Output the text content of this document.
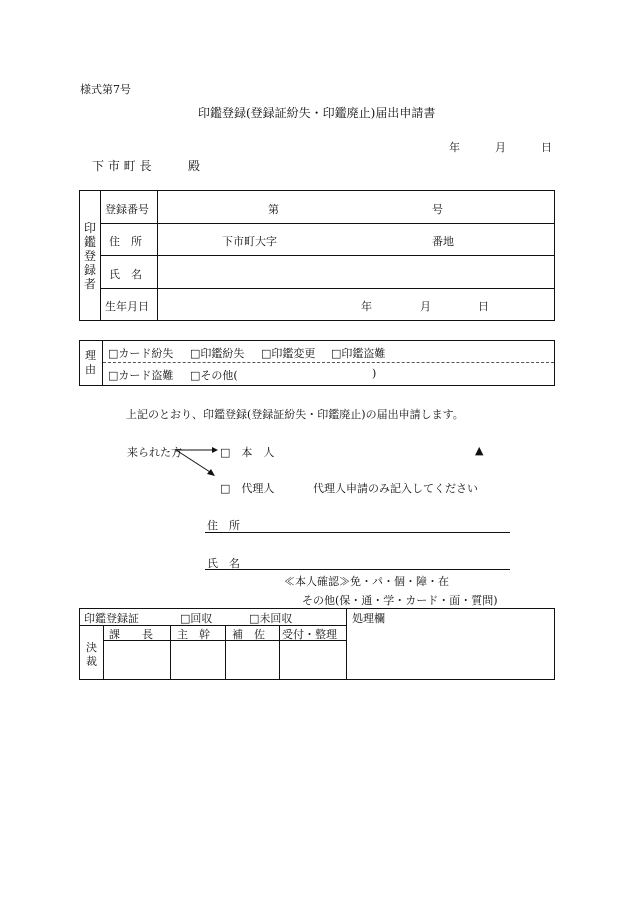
様式第7号
印鑑登録(登録証紛失・印鑑廃止)届出申請書
年	月	日
下 市 町 長	殿
印鑑登録者
登録番号	第	号
住　所	下市町大字	番地
氏　名
生年月日	年	月	日
理由
□カード紛失 □印鑑紛失 □印鑑変更 □印鑑盗難
□カード盗難 □その他(	)
上記のとおり、印鑑登録(登録証紛失・印鑑廃止)の届出申請します。
来られた方	□　本　人	▲
□　代理人	代理人申請のみ記入してください
住　所
氏　名
≪本人確認≫免・パ・個・障・在
その他(保・通・学・カード・面・質問)
印鑑登録証	□回収	□未回収	処理欄
決裁
課　　長 主　幹 補　佐 受付・整理
